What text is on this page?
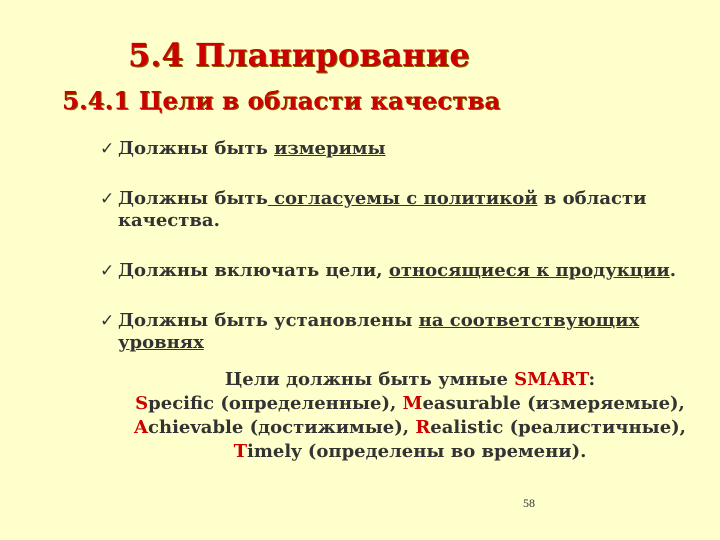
5.4 Планирование
5.4.1 Цели в области качества
✓ Должны быть измеримы
✓ Должны быть согласуемы с политикой в области качества.
✓ Должны включать цели, относящиеся к продукции.
✓ Должны быть установлены на соответствующих уровнях
Цели должны быть умные SMART:
Specific (определенные), Measurable (измеряемые),
Achievable (достижимые), Realistic (реалистичные),
Timely (определены во времени).
58
